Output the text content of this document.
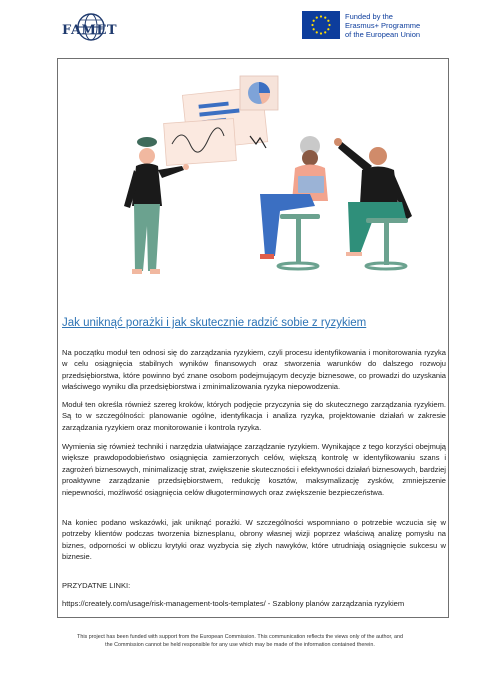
FAMET
Funded by the
Erasmus+ Programme
of the European Union
Jak uniknąć porażki i jak skutecznie radzić sobie z ryzykiem

Na początku moduł ten odnosi się do zarządzania ryzykiem, czyli procesu identyfikowania i monitorowania ryzyka w celu osiągnięcia stabilnych wyników finansowych oraz stworzenia warunków do dalszego rozwoju przedsiębiorstwa, które powinno być znane osobom podejmującym decyzje biznesowe, co prowadzi do uzyskania właściwego wyniku dla przedsiębiorstwa i zminimalizowania ryzyka niepowodzenia.

Moduł ten określa również szereg kroków, których podjęcie przyczynia się do skutecznego zarządzania ryzykiem. Są to w szczególności: planowanie ogólne, identyfikacja i analiza ryzyka, projektowanie działań w zakresie zarządzania ryzykiem oraz monitorowanie i kontrola ryzyka.

Wymienia się również techniki i narzędzia ułatwiające zarządzanie ryzykiem. Wynikające z tego korzyści obejmują większe prawdopodobieństwo osiągnięcia zamierzonych celów, większą kontrolę w identyfikowaniu szans i zagrożeń biznesowych, minimalizację strat, zwiększenie skuteczności i efektywności działań biznesowych, bardziej proaktywne zarządzanie przedsiębiorstwem, redukcję kosztów, maksymalizację zysków, zmniejszenie niepewności, możliwość osiągnięcia celów długoterminowych oraz zwiększenie bezpieczeństwa.

Na koniec podano wskazówki, jak uniknąć porażki. W szczególności wspomniano o potrzebie wczucia się w potrzeby klientów podczas tworzenia biznesplanu, obrony własnej wizji poprzez właściwą analizę pomysłu na biznes, odporności w obliczu krytyki oraz wyzbycia się złych nawyków, które utrudniają osiągnięcie sukcesu w biznesie.

PRZYDATNE LINKI:
https://creately.com/usage/risk-management-tools-templates/ - Szablony planów zarządzania ryzykiem
This project has been funded with support from the European Commission. This communication reflects the views only of the author, and
the Commission cannot be held responsible for any use which may be made of the information contained therein.
